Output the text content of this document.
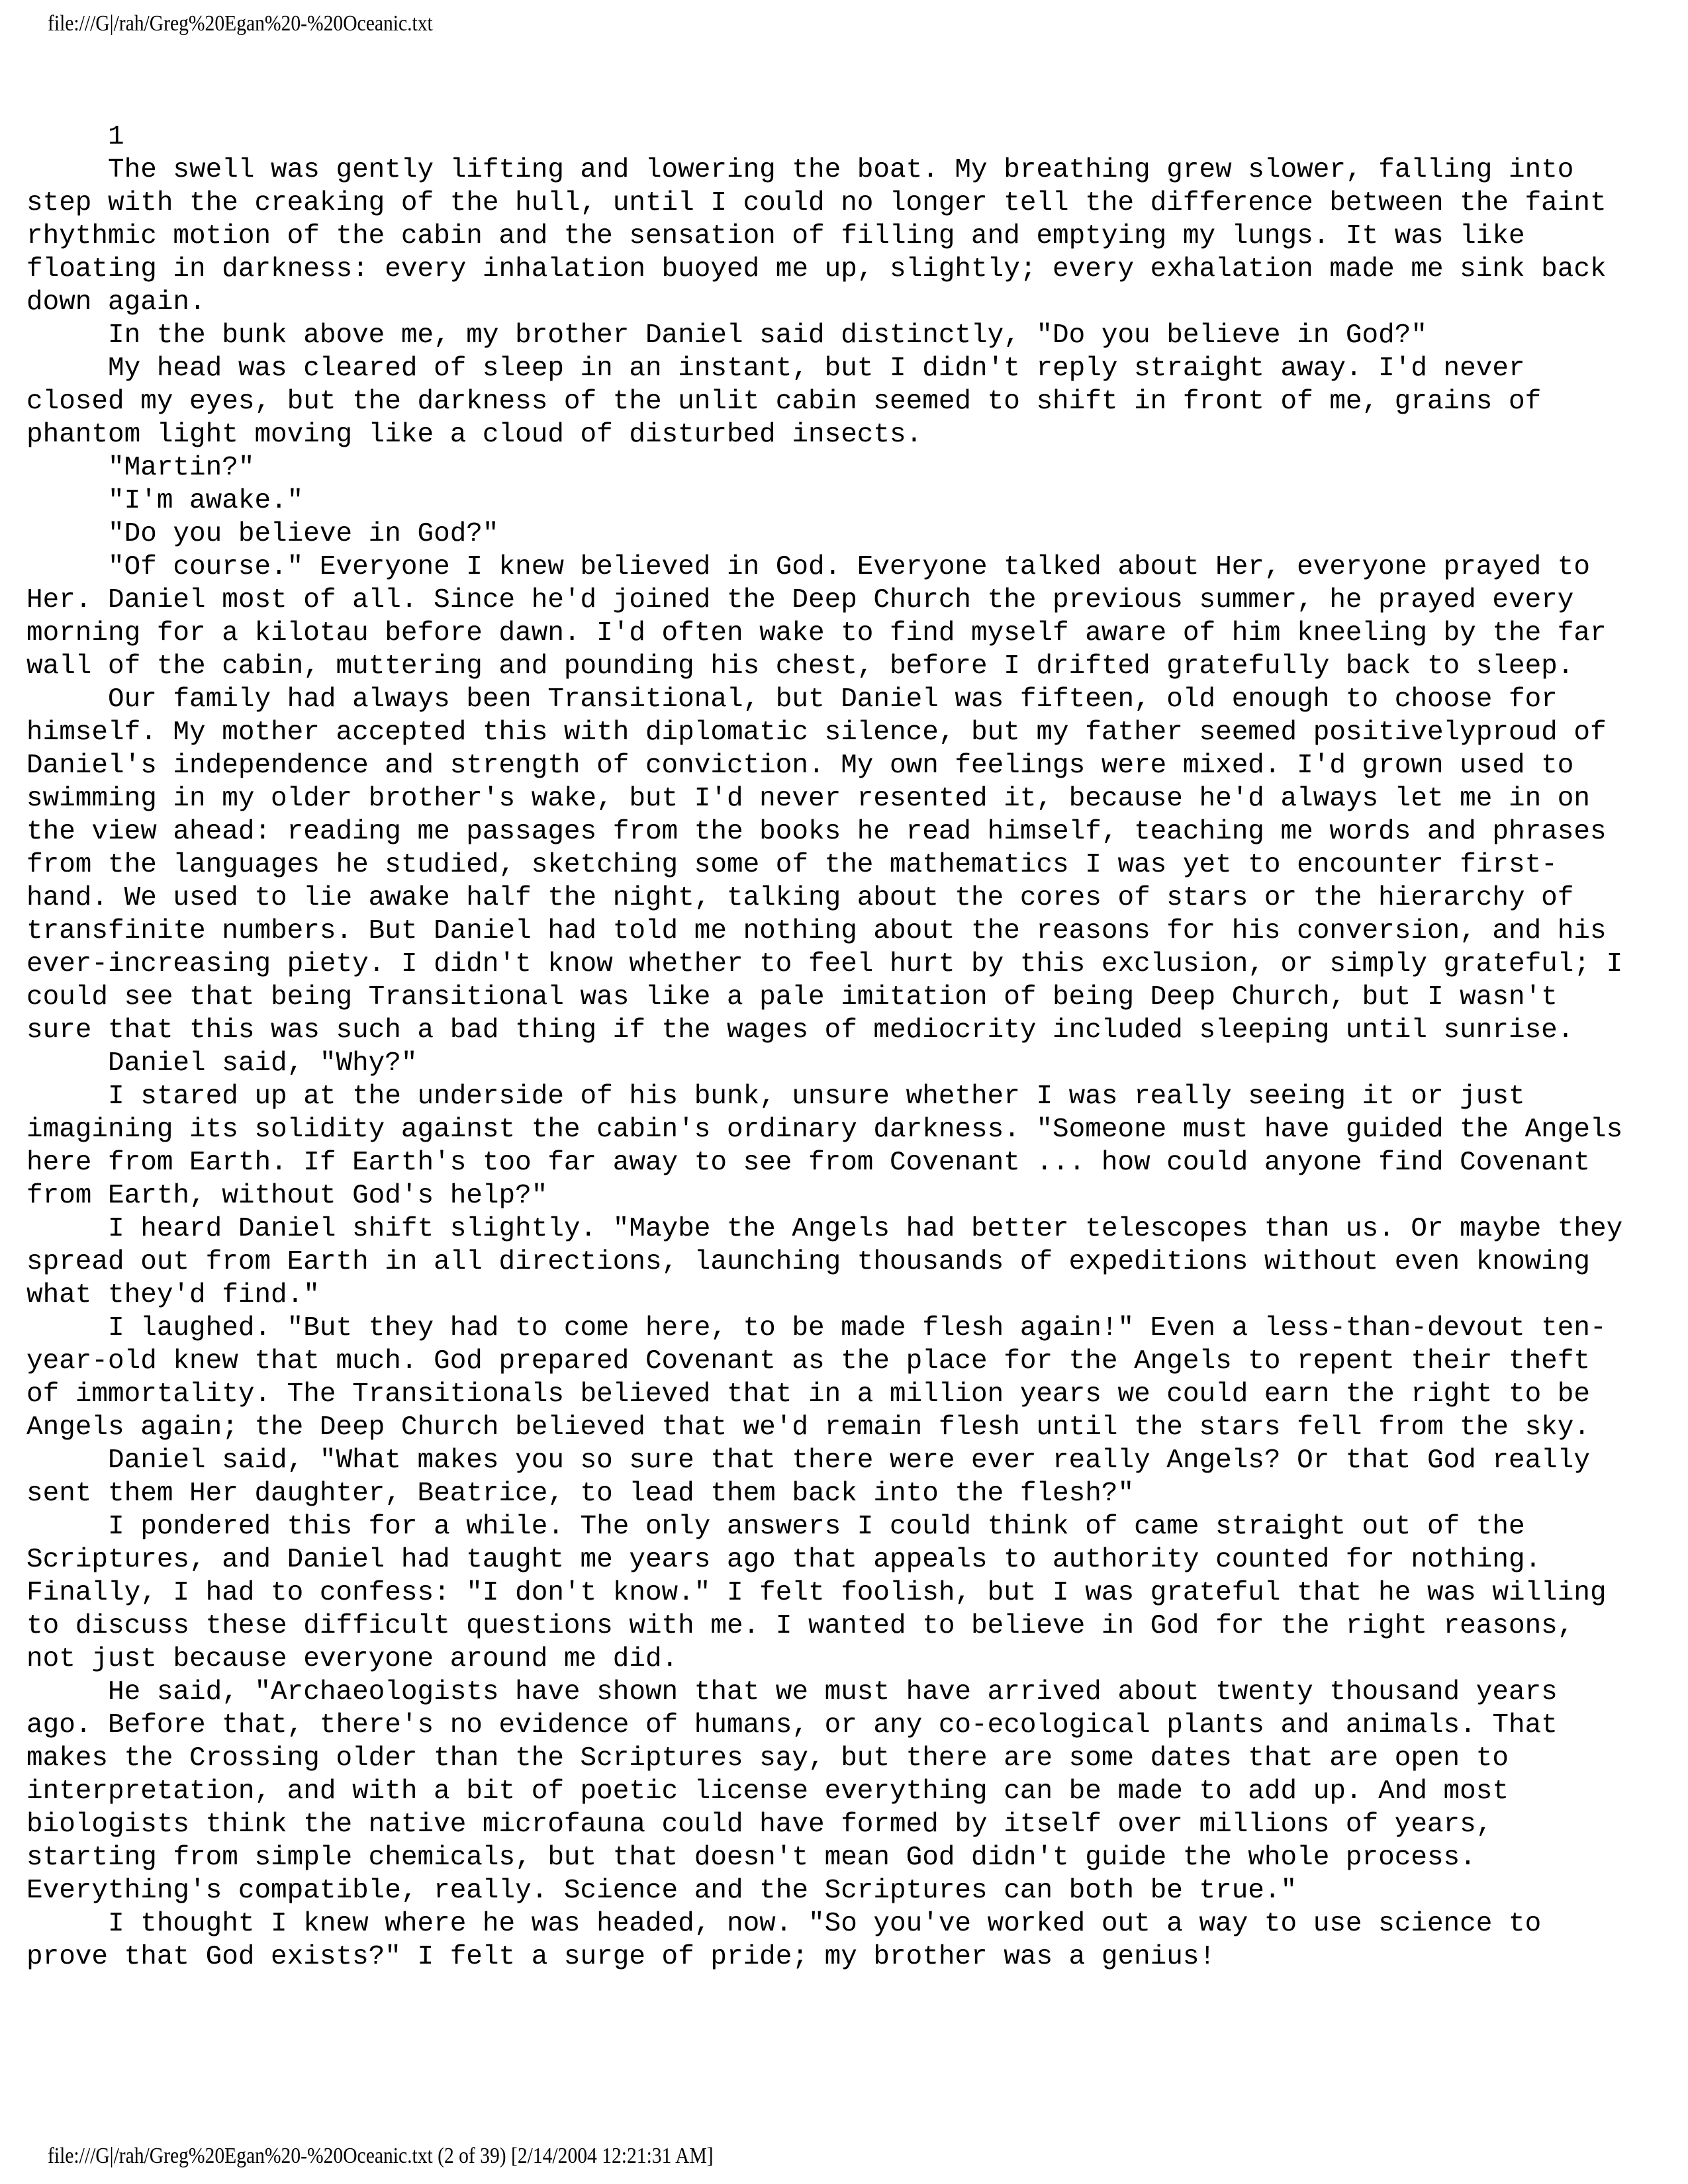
file:///G|/rah/Greg%20Egan%20-%20Oceanic.txt
1
The swell was gently lifting and lowering the boat. My breathing grew slower, falling into
step with the creaking of the hull, until I could no longer tell the difference between the faint
rhythmic motion of the cabin and the sensation of filling and emptying my lungs. It was like
floating in darkness: every inhalation buoyed me up, slightly; every exhalation made me sink back
down again.
In the bunk above me, my brother Daniel said distinctly, "Do you believe in God?"
My head was cleared of sleep in an instant, but I didn't reply straight away. I'd never
closed my eyes, but the darkness of the unlit cabin seemed to shift in front of me, grains of
phantom light moving like a cloud of disturbed insects.
"Martin?"
"I'm awake."
"Do you believe in God?"
"Of course." Everyone I knew believed in God. Everyone talked about Her, everyone prayed to
Her. Daniel most of all. Since he'd joined the Deep Church the previous summer, he prayed every
morning for a kilotau before dawn. I'd often wake to find myself aware of him kneeling by the far
wall of the cabin, muttering and pounding his chest, before I drifted gratefully back to sleep.
Our family had always been Transitional, but Daniel was fifteen, old enough to choose for
himself. My mother accepted this with diplomatic silence, but my father seemed positivelyproud of
Daniel's independence and strength of conviction. My own feelings were mixed. I'd grown used to
swimming in my older brother's wake, but I'd never resented it, because he'd always let me in on
the view ahead: reading me passages from the books he read himself, teaching me words and phrases
from the languages he studied, sketching some of the mathematics I was yet to encounter first-
hand. We used to lie awake half the night, talking about the cores of stars or the hierarchy of
transfinite numbers. But Daniel had told me nothing about the reasons for his conversion, and his
ever-increasing piety. I didn't know whether to feel hurt by this exclusion, or simply grateful; I
could see that being Transitional was like a pale imitation of being Deep Church, but I wasn't
sure that this was such a bad thing if the wages of mediocrity included sleeping until sunrise.
Daniel said, "Why?"
I stared up at the underside of his bunk, unsure whether I was really seeing it or just
imagining its solidity against the cabin's ordinary darkness. "Someone must have guided the Angels
here from Earth. If Earth's too far away to see from Covenant ... how could anyone find Covenant
from Earth, without God's help?"
I heard Daniel shift slightly. "Maybe the Angels had better telescopes than us. Or maybe they
spread out from Earth in all directions, launching thousands of expeditions without even knowing
what they'd find."
I laughed. "But they had to come here, to be made flesh again!" Even a less-than-devout ten-
year-old knew that much. God prepared Covenant as the place for the Angels to repent their theft
of immortality. The Transitionals believed that in a million years we could earn the right to be
Angels again; the Deep Church believed that we'd remain flesh until the stars fell from the sky.
Daniel said, "What makes you so sure that there were ever really Angels? Or that God really
sent them Her daughter, Beatrice, to lead them back into the flesh?"
I pondered this for a while. The only answers I could think of came straight out of the
Scriptures, and Daniel had taught me years ago that appeals to authority counted for nothing.
Finally, I had to confess: "I don't know." I felt foolish, but I was grateful that he was willing
to discuss these difficult questions with me. I wanted to believe in God for the right reasons,
not just because everyone around me did.
He said, "Archaeologists have shown that we must have arrived about twenty thousand years
ago. Before that, there's no evidence of humans, or any co-ecological plants and animals. That
makes the Crossing older than the Scriptures say, but there are some dates that are open to
interpretation, and with a bit of poetic license everything can be made to add up. And most
biologists think the native microfauna could have formed by itself over millions of years,
starting from simple chemicals, but that doesn't mean God didn't guide the whole process.
Everything's compatible, really. Science and the Scriptures can both be true."
I thought I knew where he was headed, now. "So you've worked out a way to use science to
prove that God exists?" I felt a surge of pride; my brother was a genius!
file:///G|/rah/Greg%20Egan%20-%20Oceanic.txt (2 of 39) [2/14/2004 12:21:31 AM]
